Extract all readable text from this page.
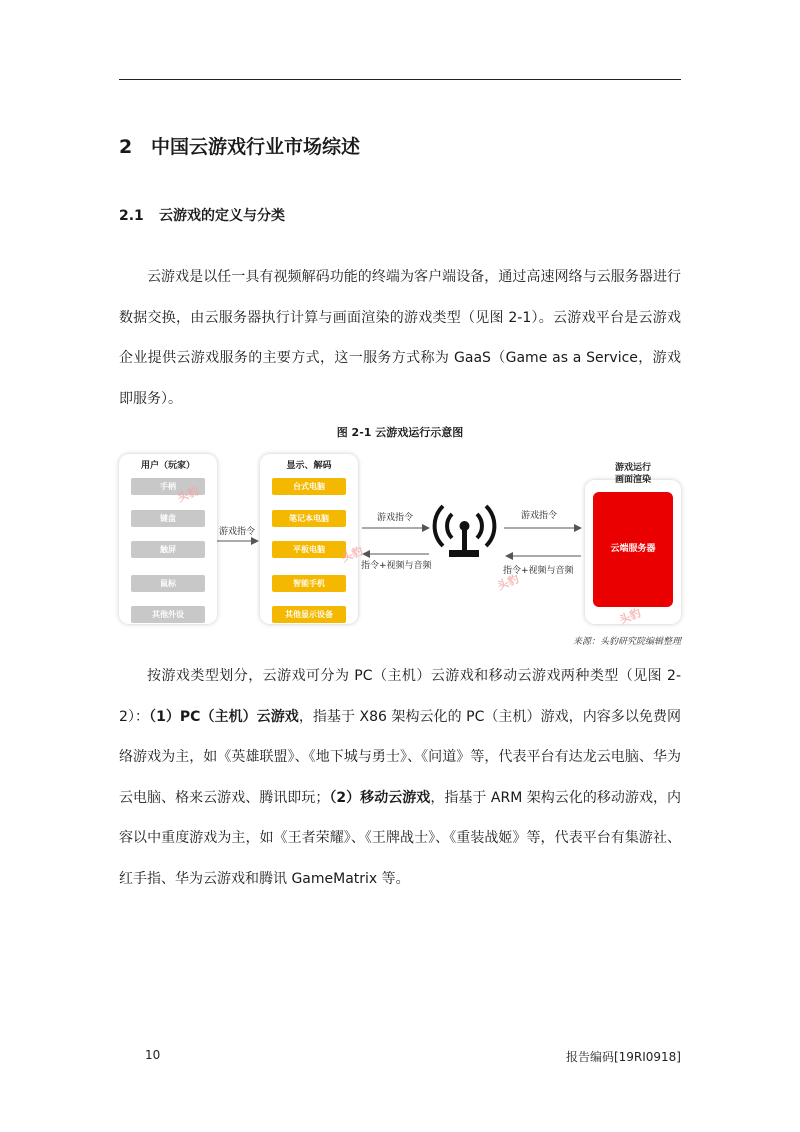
2 中国云游戏行业市场综述
2.1 云游戏的定义与分类

云游戏是以任一具有视频解码功能的终端为客户端设备，通过高速网络与云服务器进行数据交换，由云服务器执行计算与画面渲染的游戏类型（见图 2-1）。云游戏平台是云游戏企业提供云游戏服务的主要方式，这一服务方式称为 GaaS（Game as a Service，游戏即服务）。

图 2-1 云游戏运行示意图
用户（玩家）
手柄
键盘
触屏
鼠标
其他外设
显示、解码
台式电脑
笔记本电脑
平板电脑
智能手机
其他显示设备
游戏运行
画面渲染
云端服务器
游戏指令
游戏指令
指令+视频与音频
游戏指令
指令+视频与音频
头豹
头豹
头豹
头豹
来源：头豹研究院编辑整理

按游戏类型划分，云游戏可分为 PC（主机）云游戏和移动云游戏两种类型（见图 2-2）：（1）PC（主机）云游戏，指基于 X86 架构云化的 PC（主机）游戏，内容多以免费网络游戏为主，如《英雄联盟》、《地下城与勇士》、《问道》等，代表平台有达龙云电脑、华为云电脑、格来云游戏、腾讯即玩；（2）移动云游戏，指基于 ARM 架构云化的移动游戏，内容以中重度游戏为主，如《王者荣耀》、《王牌战士》、《重装战姬》等，代表平台有集游社、红手指、华为云游戏和腾讯 GameMatrix 等。

10	报告编码[19RI0918]
